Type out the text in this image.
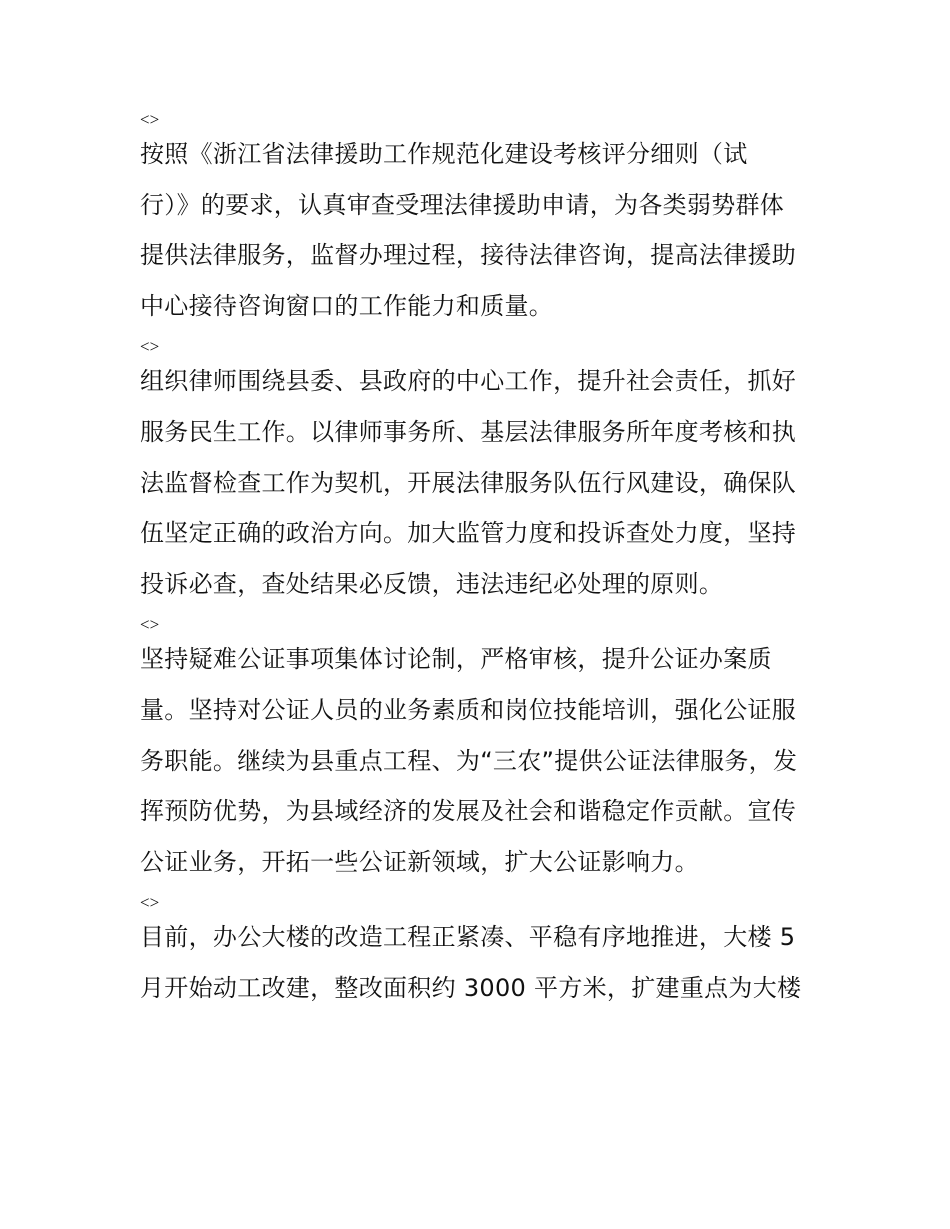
<>
按照《浙江省法律援助工作规范化建设考核评分细则（试
行）》的要求，认真审查受理法律援助申请，为各类弱势群体
提供法律服务，监督办理过程，接待法律咨询，提高法律援助
中心接待咨询窗口的工作能力和质量。
<>
组织律师围绕县委、县政府的中心工作，提升社会责任，抓好
服务民生工作。以律师事务所、基层法律服务所年度考核和执
法监督检查工作为契机，开展法律服务队伍行风建设，确保队
伍坚定正确的政治方向。加大监管力度和投诉查处力度，坚持
投诉必查，查处结果必反馈，违法违纪必处理的原则。
<>
坚持疑难公证事项集体讨论制，严格审核，提升公证办案质
量。坚持对公证人员的业务素质和岗位技能培训，强化公证服
务职能。继续为县重点工程、为“三农”提供公证法律服务，发
挥预防优势，为县域经济的发展及社会和谐稳定作贡献。宣传
公证业务，开拓一些公证新领域，扩大公证影响力。
<>
目前，办公大楼的改造工程正紧凑、平稳有序地推进，大楼 5
月开始动工改建，整改面积约 3000 平方米，扩建重点为大楼
